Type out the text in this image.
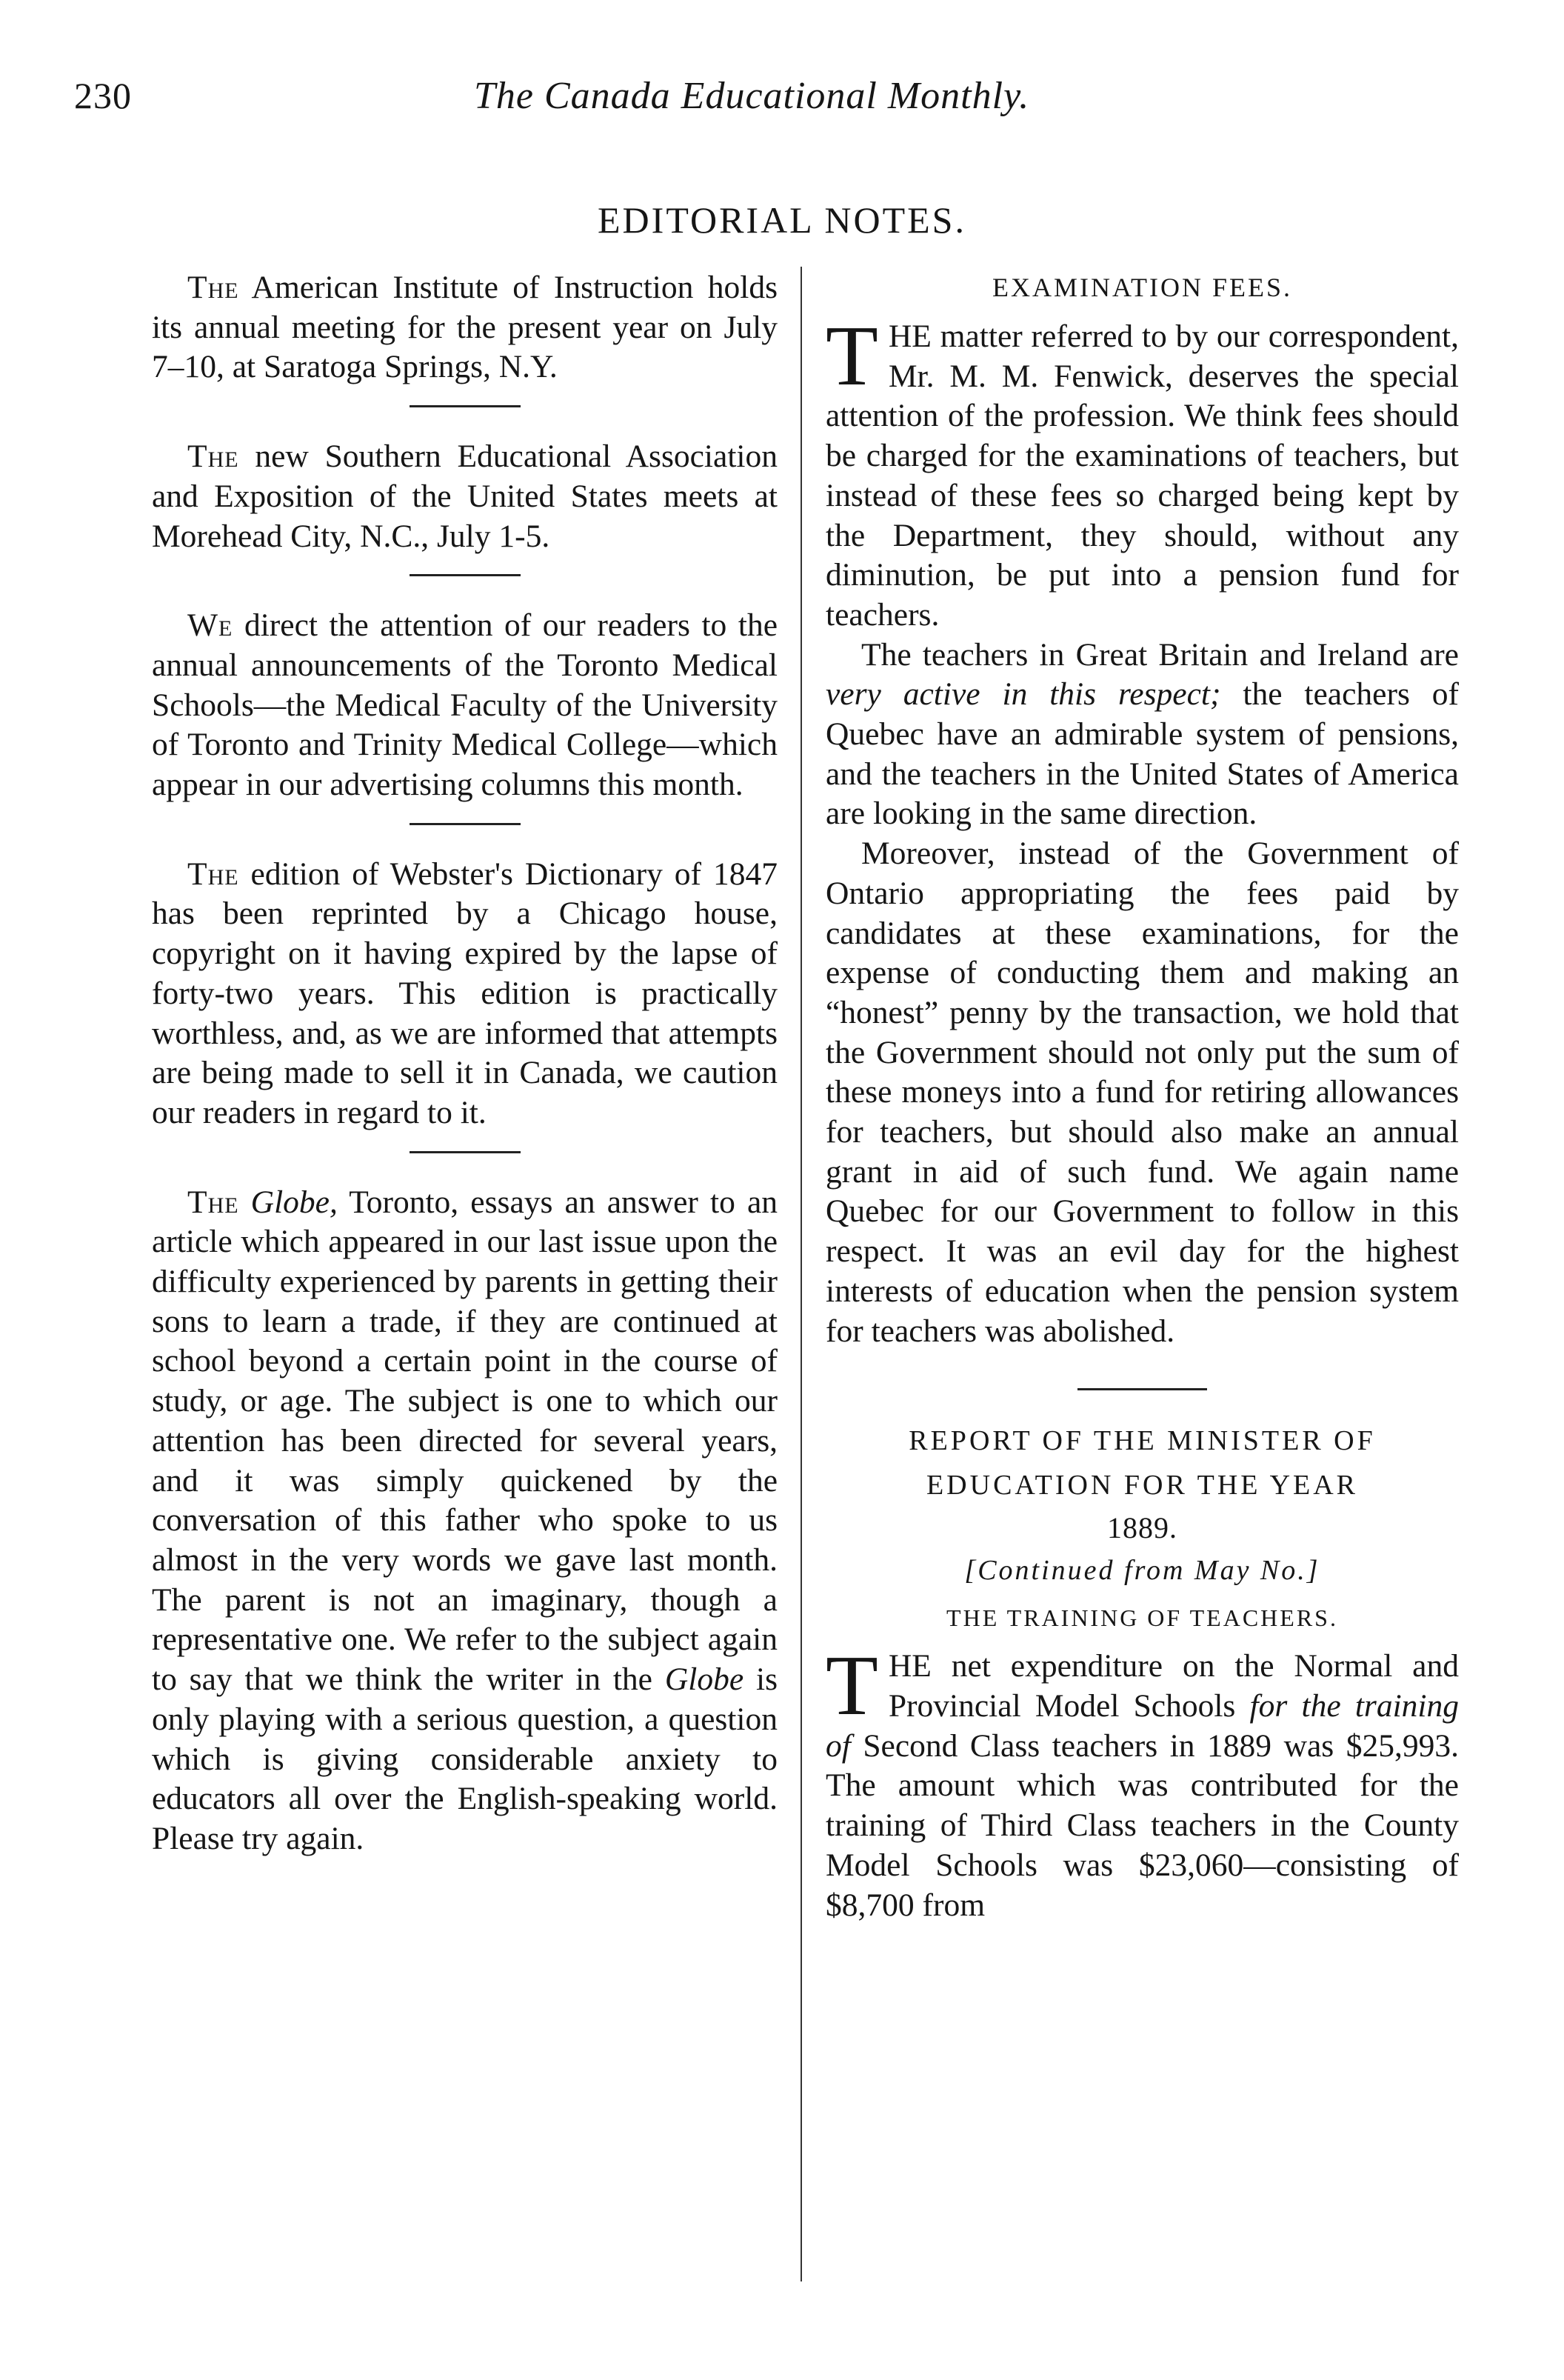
230	The Canada Educational Monthly.
EDITORIAL NOTES.

The American Institute of Instruction holds its annual meeting for the present year on July 7–10, at Saratoga Springs, N.Y.

The new Southern Educational Association and Exposition of the United States meets at Morehead City, N.C., July 1-5.

We direct the attention of our readers to the annual announcements of the Toronto Medical Schools—the Medical Faculty of the University of Toronto and Trinity Medical College—which appear in our advertising columns this month.

The edition of Webster's Dictionary of 1847 has been reprinted by a Chicago house, copyright on it having expired by the lapse of forty-two years. This edition is practically worthless, and, as we are informed that attempts are being made to sell it in Canada, we caution our readers in regard to it.

The Globe, Toronto, essays an answer to an article which appeared in our last issue upon the difficulty experienced by parents in getting their sons to learn a trade, if they are continued at school beyond a certain point in the course of study, or age. The subject is one to which our attention has been directed for several years, and it was simply quickened by the conversation of this father who spoke to us almost in the very words we gave last month. The parent is not an imaginary, though a representative one. We refer to the subject again to say that we think the writer in the Globe is only playing with a serious question, a question which is giving considerable anxiety to educators all over the English-speaking world. Please try again.

EXAMINATION FEES.

T HE matter referred to by our correspondent, Mr. M. M. Fenwick, deserves the special attention of the profession. We think fees should be charged for the examinations of teachers, but instead of these fees so charged being kept by the Department, they should, without any diminution, be put into a pension fund for teachers.

The teachers in Great Britain and Ireland are very active in this respect; the teachers of Quebec have an admirable system of pensions, and the teachers in the United States of America are looking in the same direction.

Moreover, instead of the Government of Ontario appropriating the fees paid by candidates at these examinations, for the expense of conducting them and making an “honest” penny by the transaction, we hold that the Government should not only put the sum of these moneys into a fund for retiring allowances for teachers, but should also make an annual grant in aid of such fund. We again name Quebec for our Government to follow in this respect. It was an evil day for the highest interests of education when the pension system for teachers was abolished.

REPORT OF THE MINISTER OF
EDUCATION FOR THE YEAR
1889.
[Continued from May No.]
THE TRAINING OF TEACHERS.

T HE net expenditure on the Normal and Provincial Model Schools for the training of Second Class teachers in 1889 was $25,993. The amount which was contributed for the training of Third Class teachers in the County Model Schools was $23,060—consisting of $8,700 from
